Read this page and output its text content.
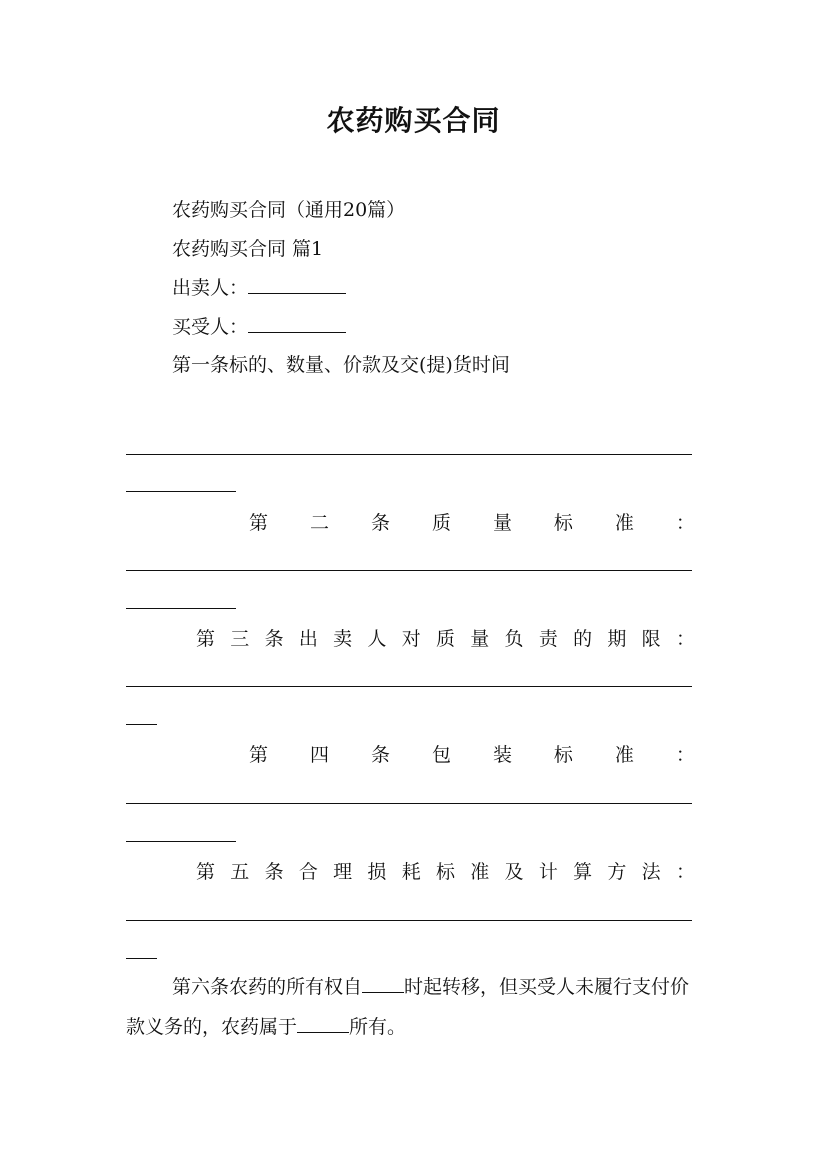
农药购买合同
农药购买合同（通用20篇）
农药购买合同 篇1
出卖人：
买受人：
第一条标的、数量、价款及交(提)货时间
第 二 条 质 量 标 准 ：
第 三 条 出 卖 人 对 质 量 负 责 的 期 限 ：
第 四 条 包 装 标 准 ：
第 五 条 合 理 损 耗 标 准 及 计 算 方 法 ：
第六条农药的所有权自 时起转移，但买受人未履行支付价款义务的，农药属于	所有。
